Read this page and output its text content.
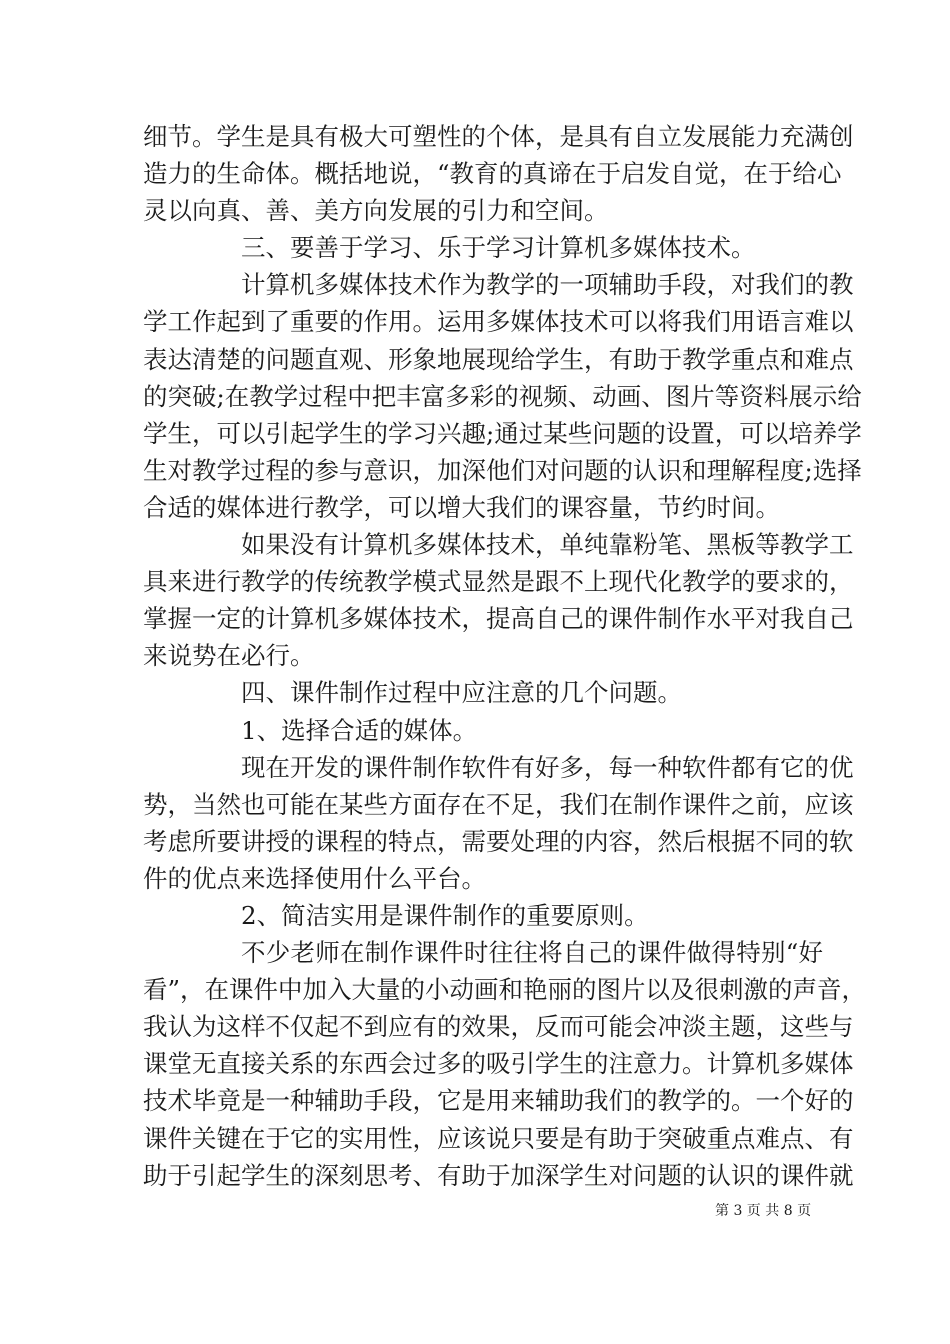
细节。学生是具有极大可塑性的个体，是具有自立发展能力充满创
造力的生命体。概括地说，“教育的真谛在于启发自觉，在于给心
灵以向真、善、美方向发展的引力和空间。
三、要善于学习、乐于学习计算机多媒体技术。
计算机多媒体技术作为教学的一项辅助手段，对我们的教
学工作起到了重要的作用。运用多媒体技术可以将我们用语言难以
表达清楚的问题直观、形象地展现给学生，有助于教学重点和难点
的突破;在教学过程中把丰富多彩的视频、动画、图片等资料展示给
学生，可以引起学生的学习兴趣;通过某些问题的设置，可以培养学
生对教学过程的参与意识，加深他们对问题的认识和理解程度;选择
合适的媒体进行教学，可以增大我们的课容量，节约时间。
如果没有计算机多媒体技术，单纯靠粉笔、黑板等教学工
具来进行教学的传统教学模式显然是跟不上现代化教学的要求的，
掌握一定的计算机多媒体技术，提高自己的课件制作水平对我自己
来说势在必行。
四、课件制作过程中应注意的几个问题。
1、选择合适的媒体。
现在开发的课件制作软件有好多，每一种软件都有它的优
势，当然也可能在某些方面存在不足，我们在制作课件之前，应该
考虑所要讲授的课程的特点，需要处理的内容，然后根据不同的软
件的优点来选择使用什么平台。
2、简洁实用是课件制作的重要原则。
不少老师在制作课件时往往将自己的课件做得特别“好
看”，在课件中加入大量的小动画和艳丽的图片以及很刺激的声音，
我认为这样不仅起不到应有的效果，反而可能会冲淡主题，这些与
课堂无直接关系的东西会过多的吸引学生的注意力。计算机多媒体
技术毕竟是一种辅助手段，它是用来辅助我们的教学的。一个好的
课件关键在于它的实用性，应该说只要是有助于突破重点难点、有
助于引起学生的深刻思考、有助于加深学生对问题的认识的课件就
第 3 页 共 8 页
